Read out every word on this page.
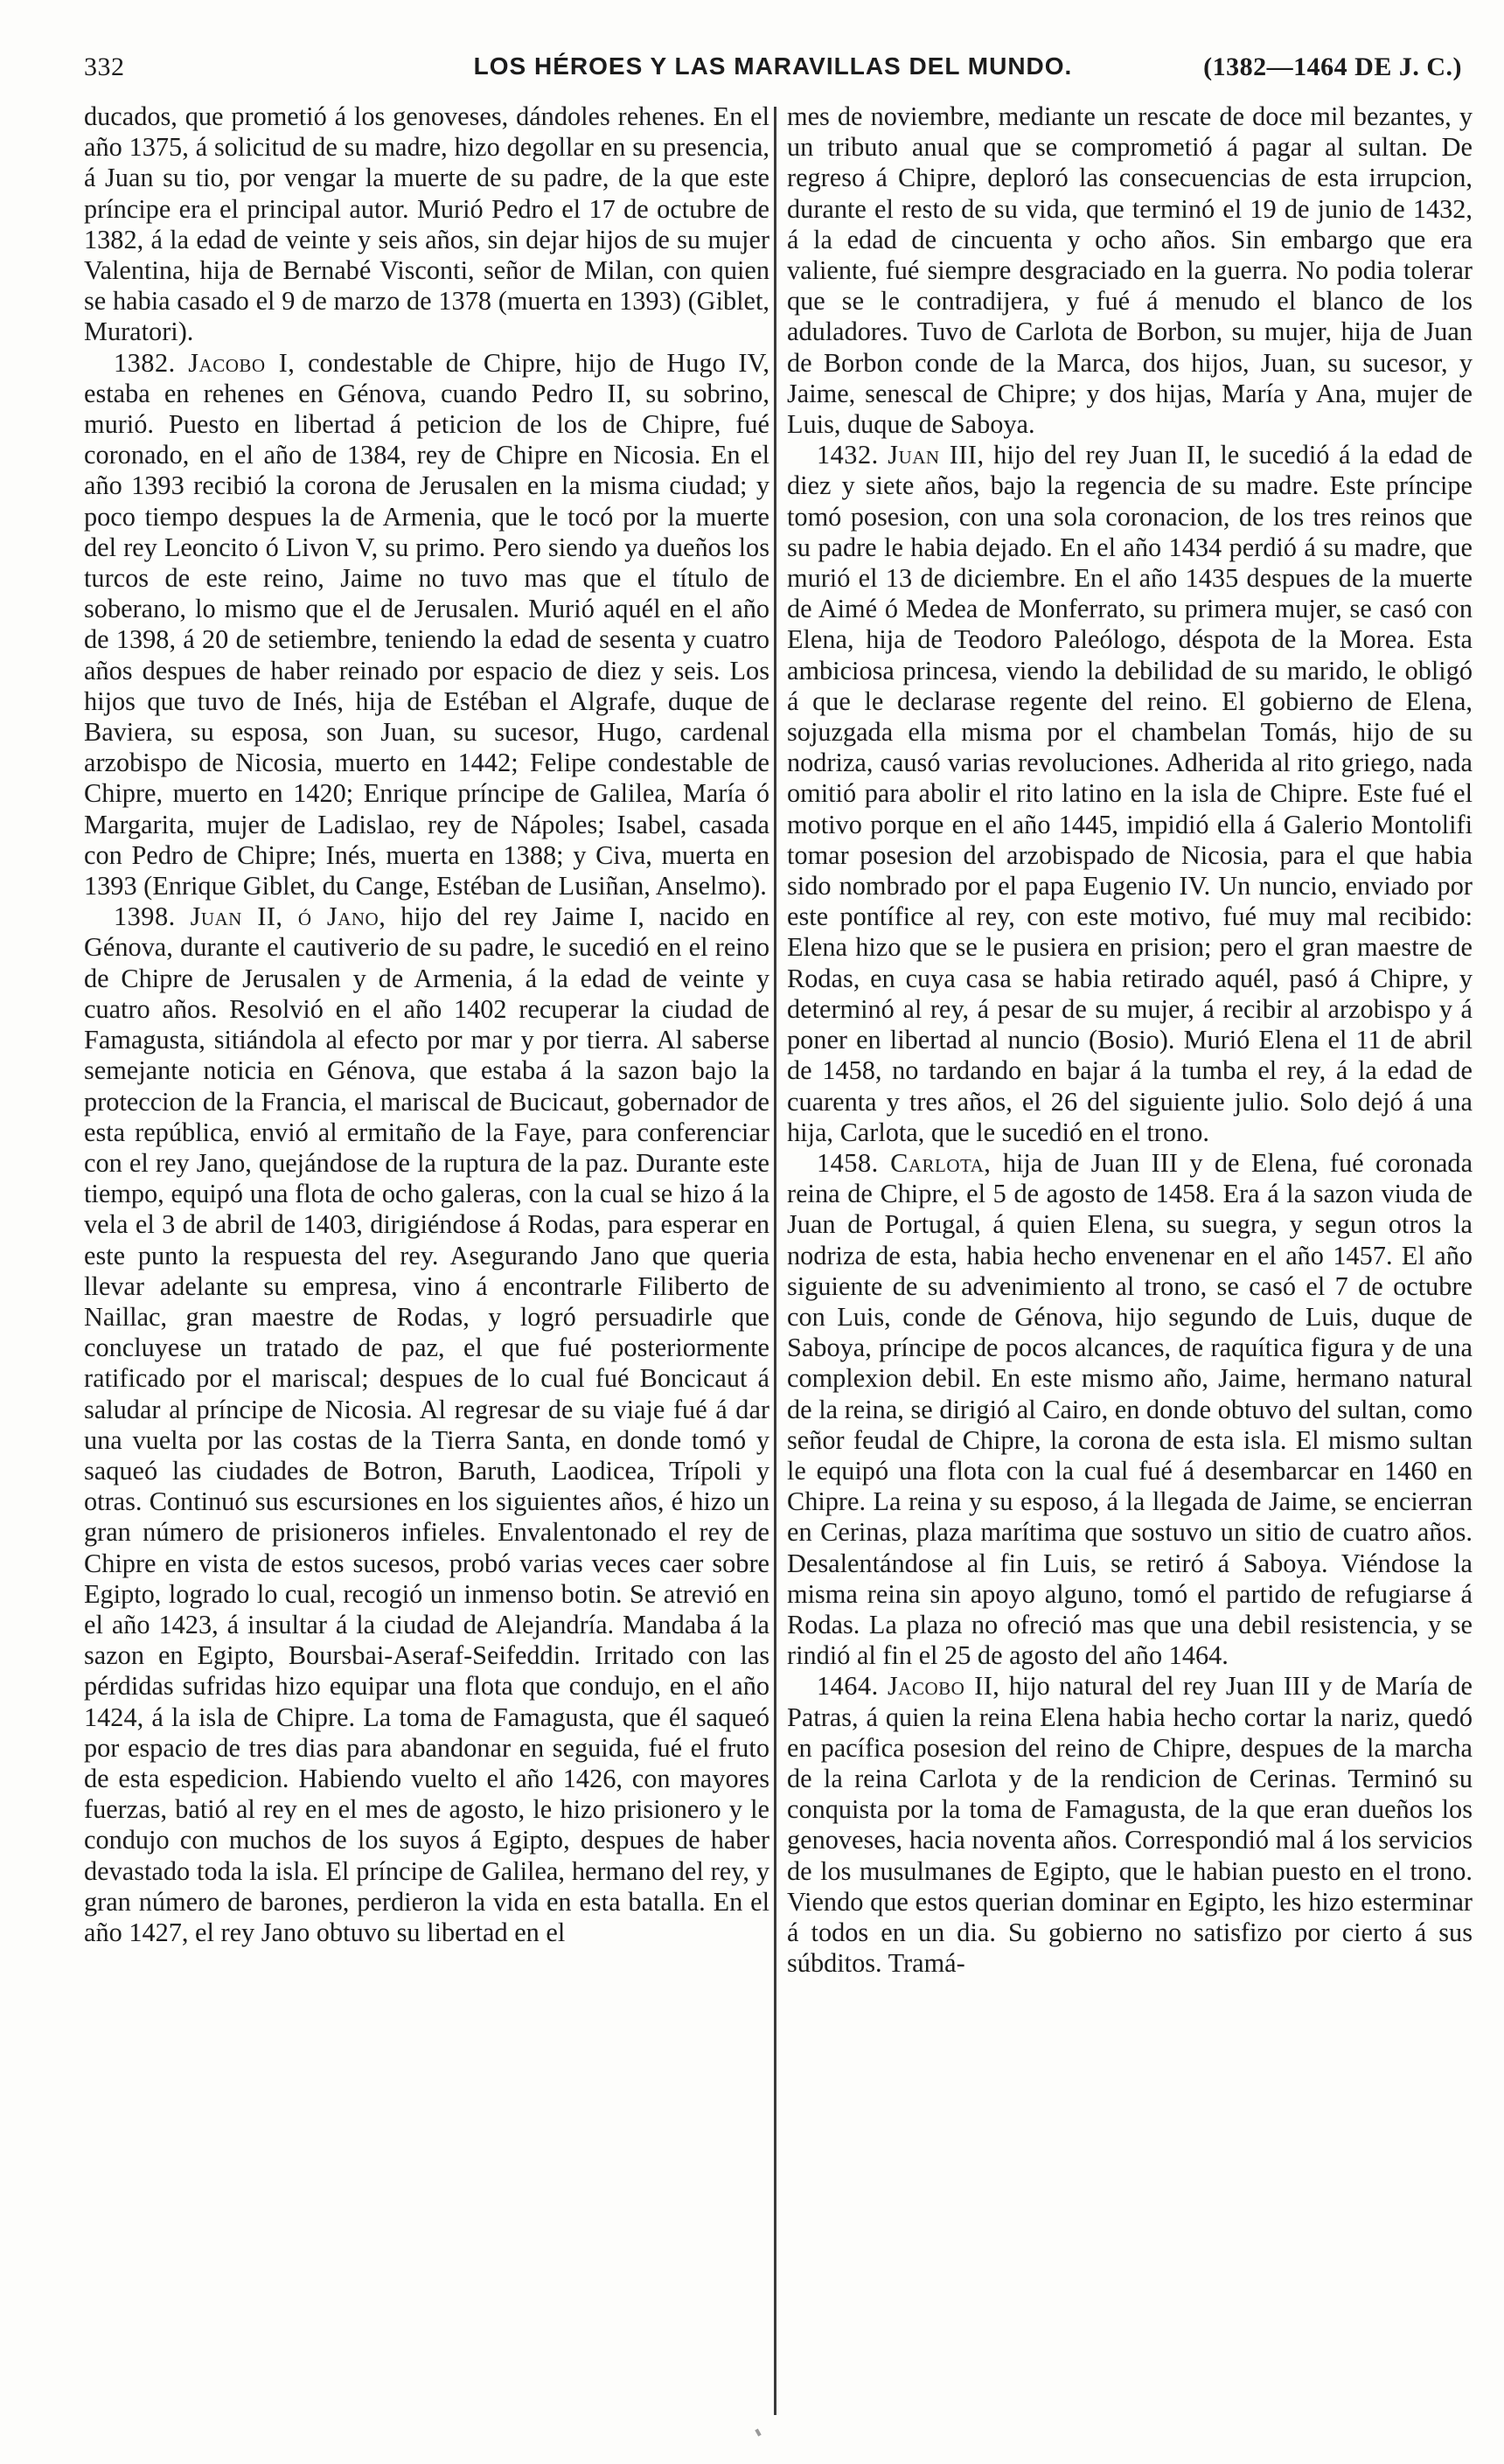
332	LOS HÉROES Y LAS MARAVILLAS DEL MUNDO.	(1382—1464 DE J. C.)

ducados, que prometió á los genoveses, dándoles rehenes. En el año 1375, á solicitud de su madre, hizo degollar en su presencia, á Juan su tio, por vengar la muerte de su padre, de la que este príncipe era el principal autor. Murió Pedro el 17 de octubre de 1382, á la edad de veinte y seis años, sin dejar hijos de su mujer Valentina, hija de Bernabé Visconti, señor de Milan, con quien se habia casado el 9 de marzo de 1378 (muerta en 1393) (Giblet, Muratori).

1382. Jacobo I, condestable de Chipre, hijo de Hugo IV, estaba en rehenes en Génova, cuando Pedro II, su sobrino, murió. Puesto en libertad á peticion de los de Chipre, fué coronado, en el año de 1384, rey de Chipre en Nicosia. En el año 1393 recibió la corona de Jerusalen en la misma ciudad; y poco tiempo despues la de Armenia, que le tocó por la muerte del rey Leoncito ó Livon V, su primo. Pero siendo ya dueños los turcos de este reino, Jaime no tuvo mas que el título de soberano, lo mismo que el de Jerusalen. Murió aquél en el año de 1398, á 20 de setiembre, teniendo la edad de sesenta y cuatro años despues de haber reinado por espacio de diez y seis. Los hijos que tuvo de Inés, hija de Estéban el Algrafe, duque de Baviera, su esposa, son Juan, su sucesor, Hugo, cardenal arzobispo de Nicosia, muerto en 1442; Felipe condestable de Chipre, muerto en 1420; Enrique príncipe de Galilea, María ó Margarita, mujer de Ladislao, rey de Nápoles; Isabel, casada con Pedro de Chipre; Inés, muerta en 1388; y Civa, muerta en 1393 (Enrique Giblet, du Cange, Estéban de Lusiñan, Anselmo).

1398. Juan II, ó Jano, hijo del rey Jaime I, nacido en Génova, durante el cautiverio de su padre, le sucedió en el reino de Chipre de Jerusalen y de Armenia, á la edad de veinte y cuatro años. Resolvió en el año 1402 recuperar la ciudad de Famagusta, sitiándola al efecto por mar y por tierra. Al saberse semejante noticia en Génova, que estaba á la sazon bajo la proteccion de la Francia, el mariscal de Bucicaut, gobernador de esta república, envió al ermitaño de la Faye, para conferenciar con el rey Jano, quejándose de la ruptura de la paz. Durante este tiempo, equipó una flota de ocho galeras, con la cual se hizo á la vela el 3 de abril de 1403, dirigiéndose á Rodas, para esperar en este punto la respuesta del rey. Asegurando Jano que queria llevar adelante su empresa, vino á encontrarle Filiberto de Naillac, gran maestre de Rodas, y logró persuadirle que concluyese un tratado de paz, el que fué posteriormente ratificado por el mariscal; despues de lo cual fué Boncicaut á saludar al príncipe de Nicosia. Al regresar de su viaje fué á dar una vuelta por las costas de la Tierra Santa, en donde tomó y saqueó las ciudades de Botron, Baruth, Laodicea, Trípoli y otras. Continuó sus escursiones en los siguientes años, é hizo un gran número de prisioneros infieles. Envalentonado el rey de Chipre en vista de estos sucesos, probó varias veces caer sobre Egipto, logrado lo cual, recogió un inmenso botin. Se atrevió en el año 1423, á insultar á la ciudad de Alejandría. Mandaba á la sazon en Egipto, Boursbai-Aseraf-Seifeddin. Irritado con las pérdidas sufridas hizo equipar una flota que condujo, en el año 1424, á la isla de Chipre. La toma de Famagusta, que él saqueó por espacio de tres dias para abandonar en seguida, fué el fruto de esta espedicion. Habiendo vuelto el año 1426, con mayores fuerzas, batió al rey en el mes de agosto, le hizo prisionero y le condujo con muchos de los suyos á Egipto, despues de haber devastado toda la isla. El príncipe de Galilea, hermano del rey, y gran número de barones, perdieron la vida en esta batalla. En el año 1427, el rey Jano obtuvo su libertad en el

mes de noviembre, mediante un rescate de doce mil bezantes, y un tributo anual que se comprometió á pagar al sultan. De regreso á Chipre, deploró las consecuencias de esta irrupcion, durante el resto de su vida, que terminó el 19 de junio de 1432, á la edad de cincuenta y ocho años. Sin embargo que era valiente, fué siempre desgraciado en la guerra. No podia tolerar que se le contradijera, y fué á menudo el blanco de los aduladores. Tuvo de Carlota de Borbon, su mujer, hija de Juan de Borbon conde de la Marca, dos hijos, Juan, su sucesor, y Jaime, senescal de Chipre; y dos hijas, María y Ana, mujer de Luis, duque de Saboya.

1432. Juan III, hijo del rey Juan II, le sucedió á la edad de diez y siete años, bajo la regencia de su madre. Este príncipe tomó posesion, con una sola coronacion, de los tres reinos que su padre le habia dejado. En el año 1434 perdió á su madre, que murió el 13 de diciembre. En el año 1435 despues de la muerte de Aimé ó Medea de Monferrato, su primera mujer, se casó con Elena, hija de Teodoro Paleólogo, déspota de la Morea. Esta ambiciosa princesa, viendo la debilidad de su marido, le obligó á que le declarase regente del reino. El gobierno de Elena, sojuzgada ella misma por el chambelan Tomás, hijo de su nodriza, causó varias revoluciones. Adherida al rito griego, nada omitió para abolir el rito latino en la isla de Chipre. Este fué el motivo porque en el año 1445, impidió ella á Galerio Montolifi tomar posesion del arzobispado de Nicosia, para el que habia sido nombrado por el papa Eugenio IV. Un nuncio, enviado por este pontífice al rey, con este motivo, fué muy mal recibido: Elena hizo que se le pusiera en prision; pero el gran maestre de Rodas, en cuya casa se habia retirado aquél, pasó á Chipre, y determinó al rey, á pesar de su mujer, á recibir al arzobispo y á poner en libertad al nuncio (Bosio). Murió Elena el 11 de abril de 1458, no tardando en bajar á la tumba el rey, á la edad de cuarenta y tres años, el 26 del siguiente julio. Solo dejó á una hija, Carlota, que le sucedió en el trono.

1458. Carlota, hija de Juan III y de Elena, fué coronada reina de Chipre, el 5 de agosto de 1458. Era á la sazon viuda de Juan de Portugal, á quien Elena, su suegra, y segun otros la nodriza de esta, habia hecho envenenar en el año 1457. El año siguiente de su advenimiento al trono, se casó el 7 de octubre con Luis, conde de Génova, hijo segundo de Luis, duque de Saboya, príncipe de pocos alcances, de raquítica figura y de una complexion debil. En este mismo año, Jaime, hermano natural de la reina, se dirigió al Cairo, en donde obtuvo del sultan, como señor feudal de Chipre, la corona de esta isla. El mismo sultan le equipó una flota con la cual fué á desembarcar en 1460 en Chipre. La reina y su esposo, á la llegada de Jaime, se encierran en Cerinas, plaza marítima que sostuvo un sitio de cuatro años. Desalentándose al fin Luis, se retiró á Saboya. Viéndose la misma reina sin apoyo alguno, tomó el partido de refugiarse á Rodas. La plaza no ofreció mas que una debil resistencia, y se rindió al fin el 25 de agosto del año 1464.

1464. Jacobo II, hijo natural del rey Juan III y de María de Patras, á quien la reina Elena habia hecho cortar la nariz, quedó en pacífica posesion del reino de Chipre, despues de la marcha de la reina Carlota y de la rendicion de Cerinas. Terminó su conquista por la toma de Famagusta, de la que eran dueños los genoveses, hacia noventa años. Correspondió mal á los servicios de los musulmanes de Egipto, que le habian puesto en el trono. Viendo que estos querian dominar en Egipto, les hizo esterminar á todos en un dia. Su gobierno no satisfizo por cierto á sus súbditos. Tramá-
